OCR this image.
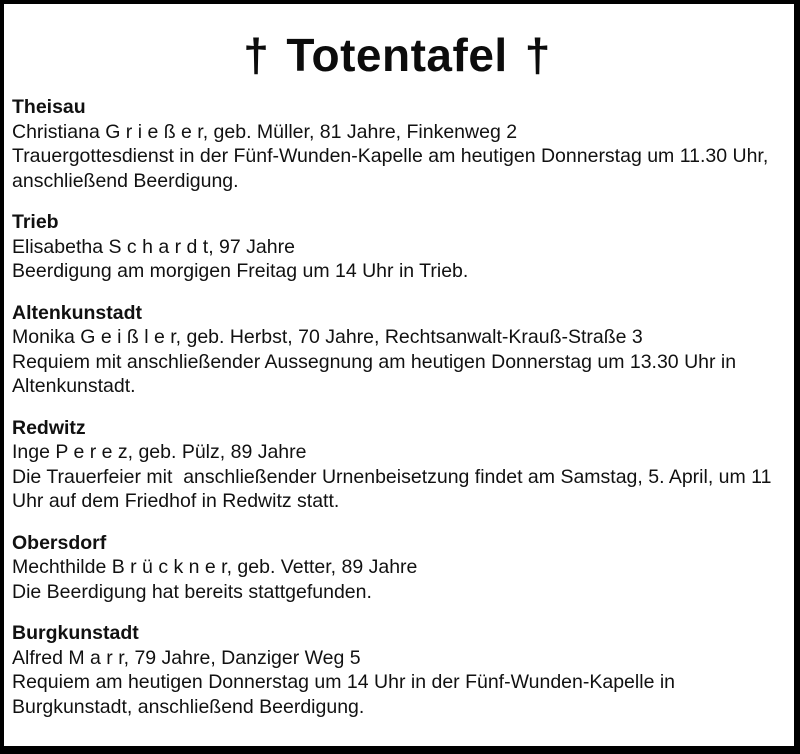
† Totentafel †
Theisau
Christiana G r i e ß e r, geb. Müller, 81 Jahre, Finkenweg 2
Trauergottesdienst in der Fünf-Wunden-Kapelle am heutigen Donnerstag um 11.30 Uhr,
anschließend Beerdigung.
Trieb
Elisabetha S c h a r d t, 97 Jahre
Beerdigung am morgigen Freitag um 14 Uhr in Trieb.
Altenkunstadt
Monika G e i ß l e r, geb. Herbst, 70 Jahre, Rechtsanwalt-Krauß-Straße 3
Requiem mit anschließender Aussegnung am heutigen Donnerstag um 13.30 Uhr in
Altenkunstadt.
Redwitz
Inge P e r e z, geb. Pülz, 89 Jahre
Die Trauerfeier mit  anschließender Urnenbeisetzung findet am Samstag, 5. April, um 11
Uhr auf dem Friedhof in Redwitz statt.
Obersdorf
Mechthilde B r ü c k n e r, geb. Vetter, 89 Jahre
Die Beerdigung hat bereits stattgefunden.
Burgkunstadt
Alfred M a r r, 79 Jahre, Danziger Weg 5
Requiem am heutigen Donnerstag um 14 Uhr in der Fünf-Wunden-Kapelle in
Burgkunstadt, anschließend Beerdigung.
